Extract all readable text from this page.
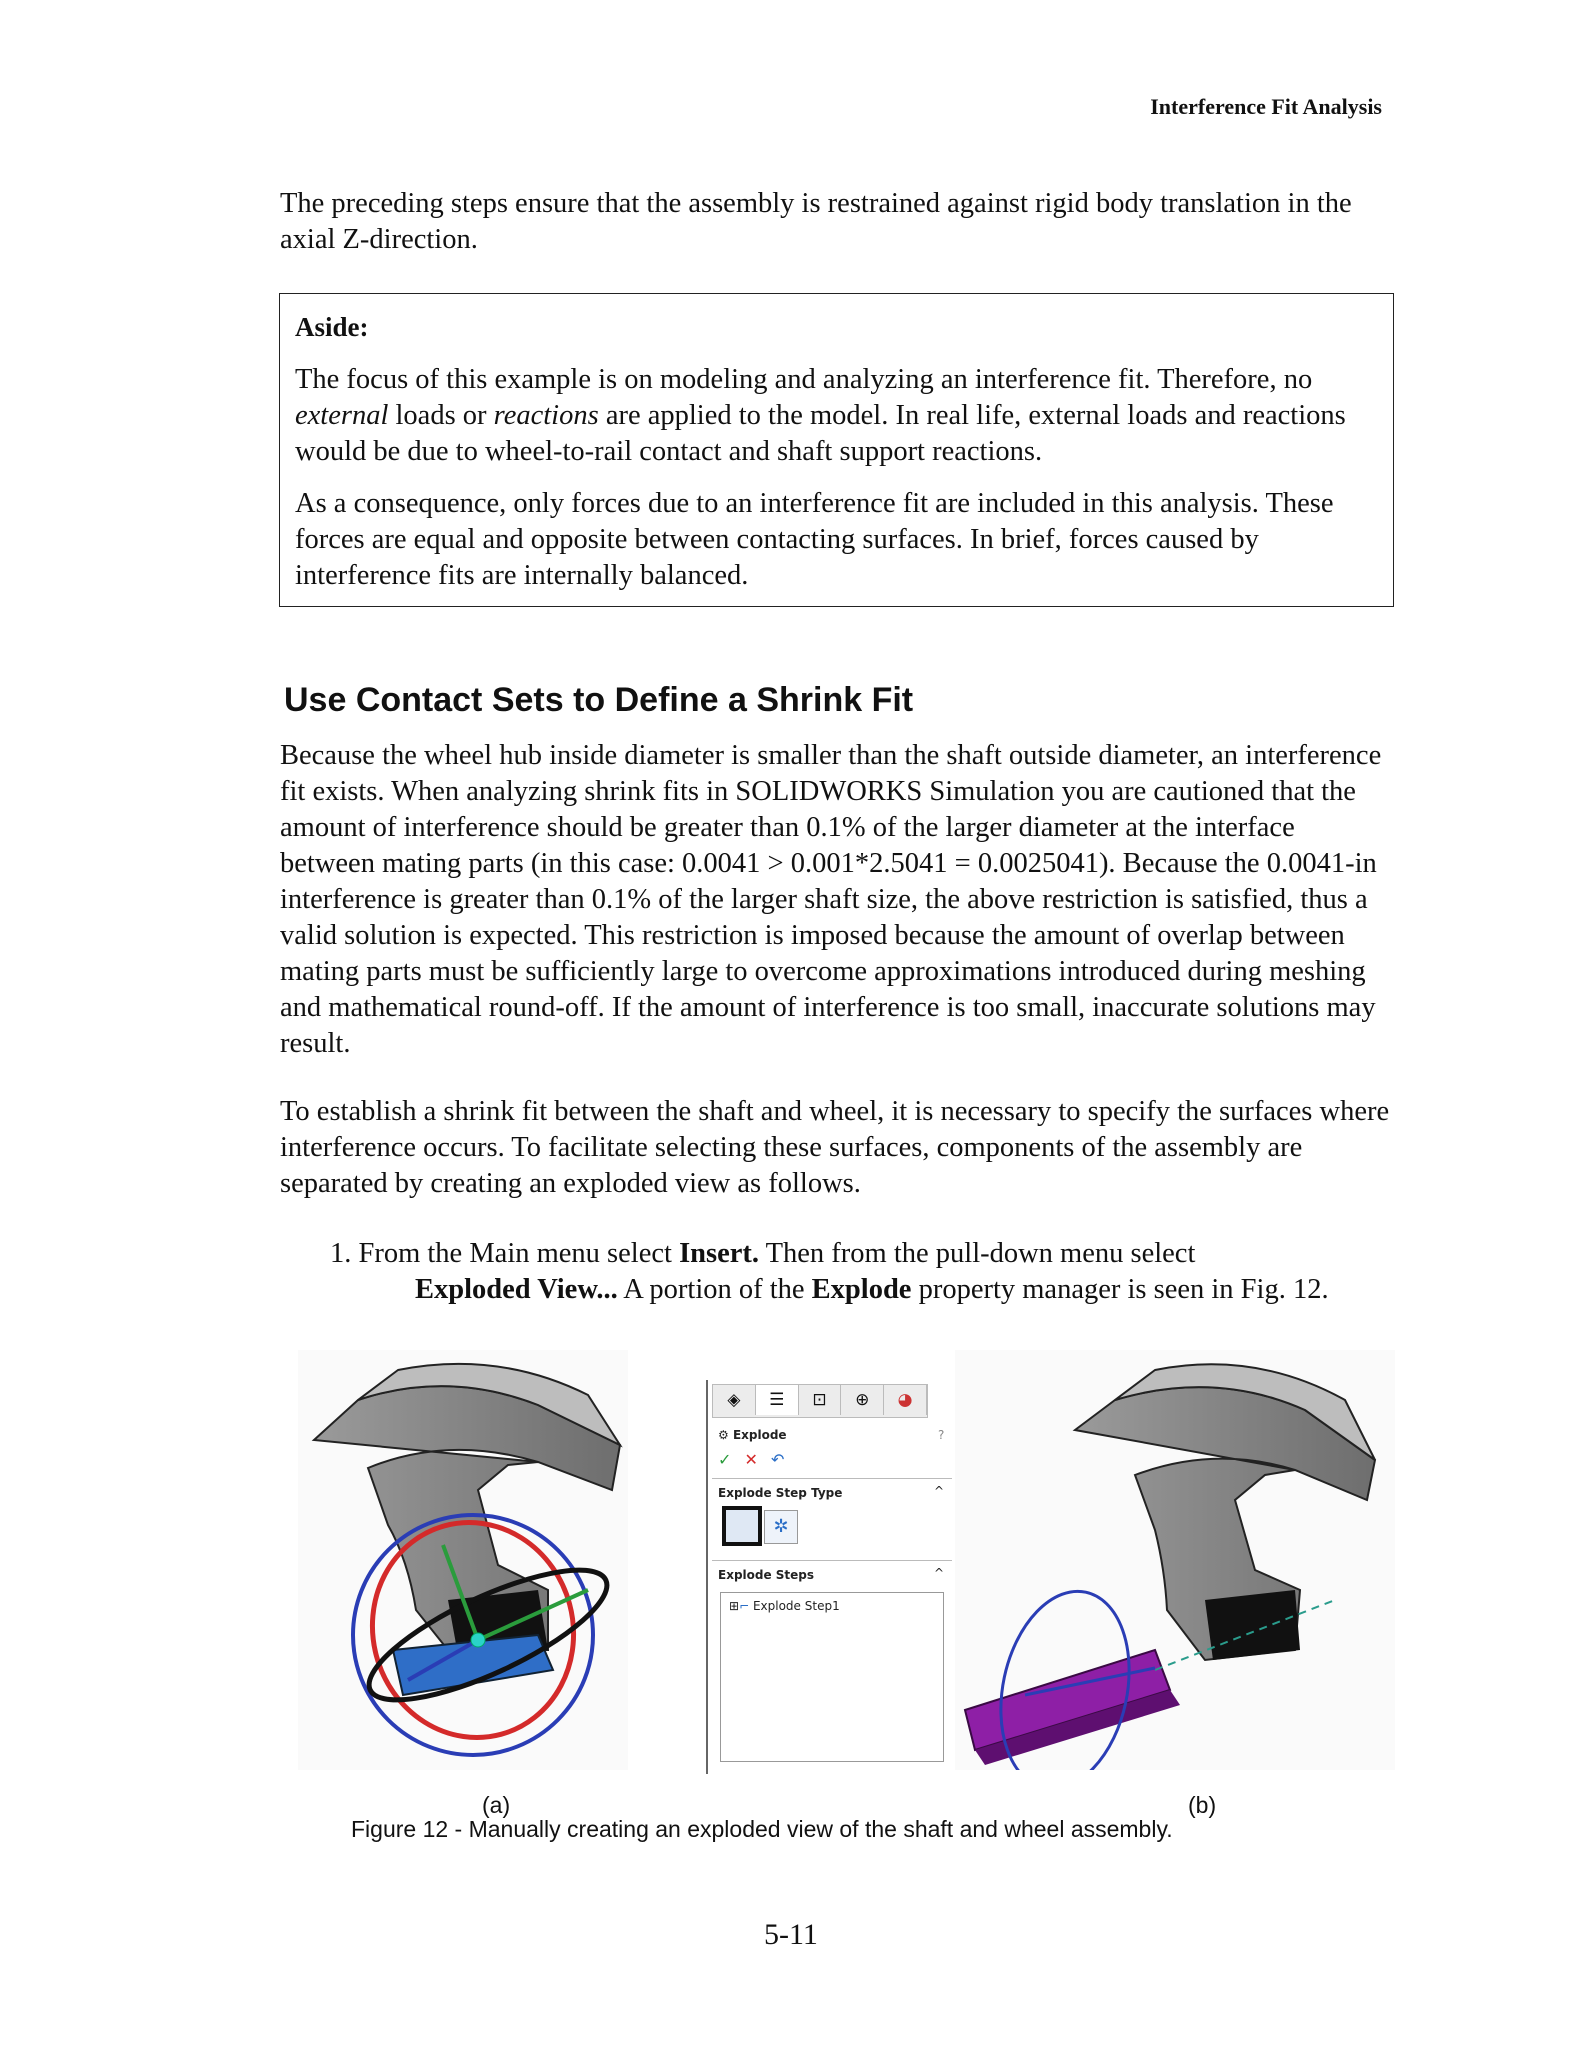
Interference Fit Analysis

The preceding steps ensure that the assembly is restrained against rigid body translation in the axial Z-direction.

Aside:

The focus of this example is on modeling and analyzing an interference fit. Therefore, no external loads or reactions are applied to the model. In real life, external loads and reactions would be due to wheel-to-rail contact and shaft support reactions.

As a consequence, only forces due to an interference fit are included in this analysis. These forces are equal and opposite between contacting surfaces. In brief, forces caused by interference fits are internally balanced.

Use Contact Sets to Define a Shrink Fit

Because the wheel hub inside diameter is smaller than the shaft outside diameter, an interference fit exists. When analyzing shrink fits in SOLIDWORKS Simulation you are cautioned that the amount of interference should be greater than 0.1% of the larger diameter at the interface between mating parts (in this case: 0.0041 > 0.001*2.5041 = 0.0025041). Because the 0.0041-in interference is greater than 0.1% of the larger shaft size, the above restriction is satisfied, thus a valid solution is expected. This restriction is imposed because the amount of overlap between mating parts must be sufficiently large to overcome approximations introduced during meshing and mathematical round-off. If the amount of interference is too small, inaccurate solutions may result.

To establish a shrink fit between the shaft and wheel, it is necessary to specify the surfaces where interference occurs. To facilitate selecting these surfaces, components of the assembly are separated by creating an exploded view as follows.

1. From the Main menu select Insert. Then from the pull-down menu select
Exploded View... A portion of the Explode property manager is seen in Fig. 12.
◈ ☰ ⊡ ⊕ ◕
⚙ Explode	?
✓ ✕ ↶
Explode Step Type	^
✲
Explode Steps	^
⊞⌐ Explode Step1
(a)	(b)
Figure 12 - Manually creating an exploded view of the shaft and wheel assembly.
5-11
